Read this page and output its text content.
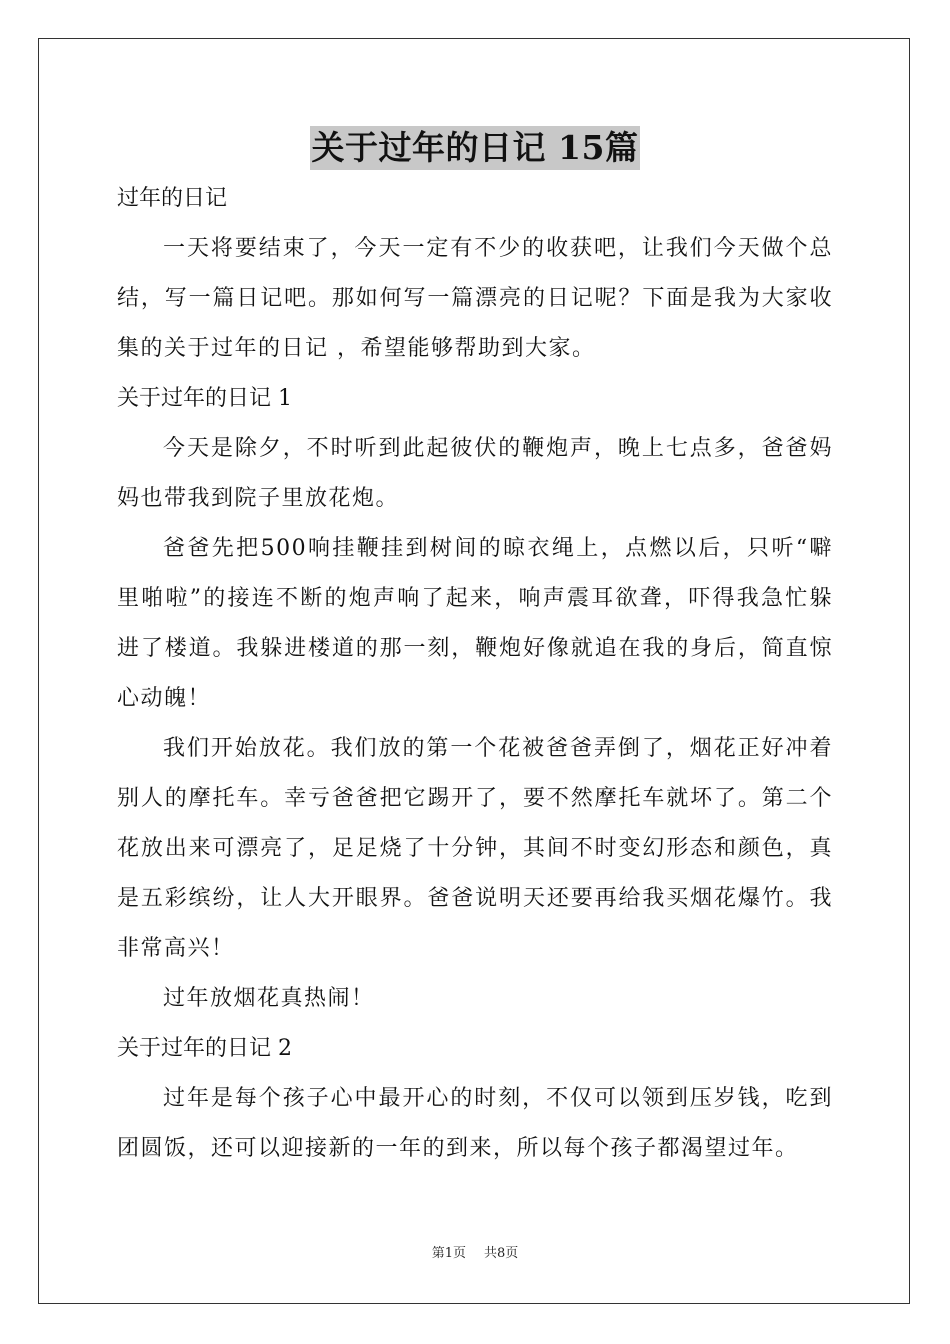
关于过年的日记 15篇
过年的日记

一天将要结束了，今天一定有不少的收获吧，让我们今天做个总结，写一篇日记吧。那如何写一篇漂亮的日记呢？下面是我为大家收集的关于过年的日记 ，希望能够帮助到大家。

关于过年的日记 1

今天是除夕，不时听到此起彼伏的鞭炮声，晚上七点多，爸爸妈妈也带我到院子里放花炮。

爸爸先把500响挂鞭挂到树间的晾衣绳上，点燃以后，只听“噼里啪啦”的接连不断的炮声响了起来，响声震耳欲聋，吓得我急忙躲进了楼道。我躲进楼道的那一刻，鞭炮好像就追在我的身后，简直惊心动魄！

我们开始放花。我们放的第一个花被爸爸弄倒了，烟花正好冲着别人的摩托车。幸亏爸爸把它踢开了，要不然摩托车就坏了。第二个花放出来可漂亮了，足足烧了十分钟，其间不时变幻形态和颜色，真是五彩缤纷，让人大开眼界。爸爸说明天还要再给我买烟花爆竹。我非常高兴！

过年放烟花真热闹！

关于过年的日记 2

过年是每个孩子心中最开心的时刻，不仅可以领到压岁钱，吃到团圆饭，还可以迎接新的一年的到来，所以每个孩子都渴望过年。

第1页 共8页
